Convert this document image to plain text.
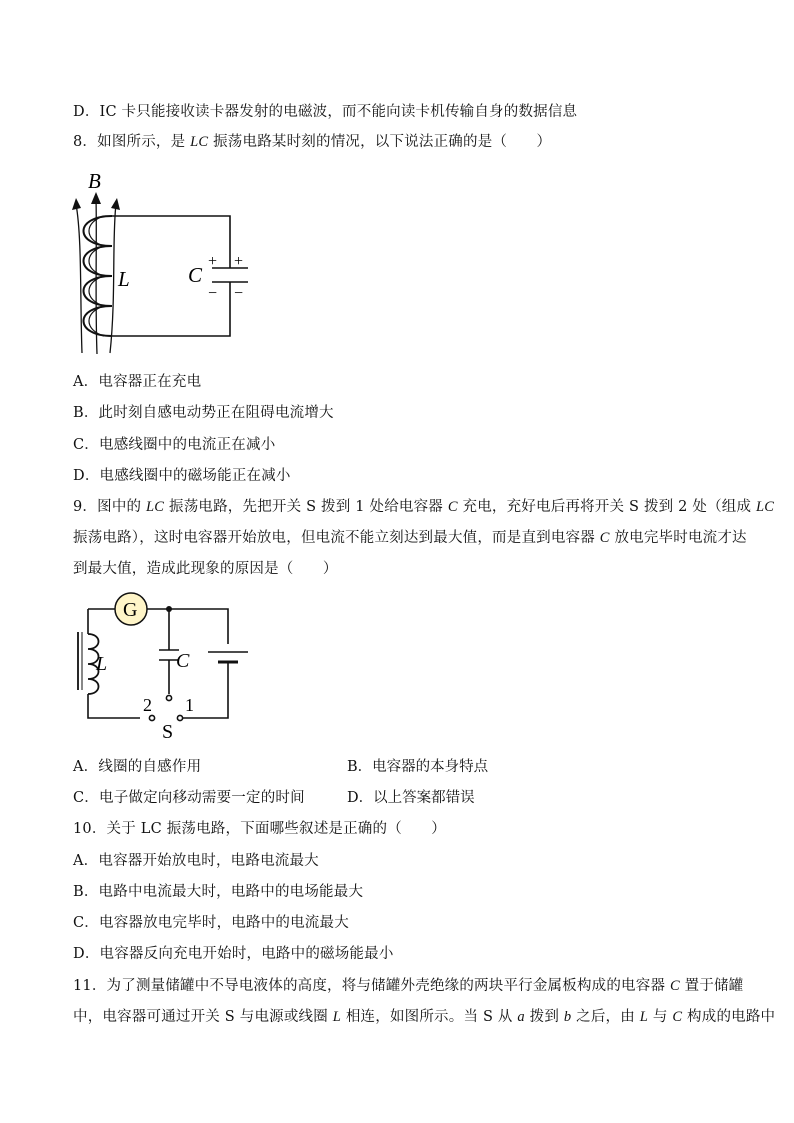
D．IC 卡只能接收读卡器发射的电磁波，而不能向读卡机传输自身的数据信息
8．如图所示，是 LC 振荡电路某时刻的情况，以下说法正确的是（　　）
B
L	C
+ +
− −
A．电容器正在充电
B．此时刻自感电动势正在阻碍电流增大
C．电感线圈中的电流正在减小
D．电感线圈中的磁场能正在减小
9．图中的 LC 振荡电路，先把开关 S 拨到 1 处给电容器 C 充电，充好电后再将开关 S 拨到 2 处（组成 LC
振荡电路），这时电容器开始放电，但电流不能立刻达到最大值，而是直到电容器 C 放电完毕时电流才达
到最大值，造成此现象的原因是（　　）
G
L	C
2 1
S
A．线圈的自感作用	B．电容器的本身特点
C．电子做定向移动需要一定的时间	D．以上答案都错误
10．关于 LC 振荡电路，下面哪些叙述是正确的（　　）
A．电容器开始放电时，电路电流最大
B．电路中电流最大时，电路中的电场能最大
C．电容器放电完毕时，电路中的电流最大
D．电容器反向充电开始时，电路中的磁场能最小
11．为了测量储罐中不导电液体的高度，将与储罐外壳绝缘的两块平行金属板构成的电容器 C 置于储罐
中，电容器可通过开关 S 与电源或线圈 L 相连，如图所示。当 S 从 a 拨到 b 之后，由 L 与 C 构成的电路中
